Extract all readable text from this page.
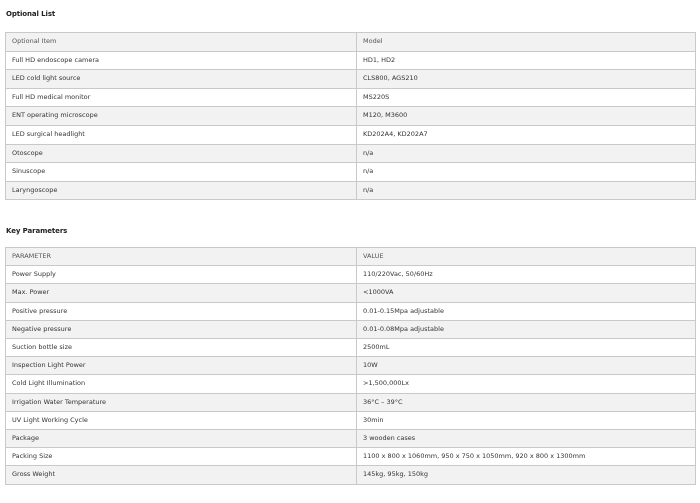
Optional List
Optional Item	Model
Full HD endoscope camera	HD1, HD2
LED cold light source	CLS800, AGS210
Full HD medical monitor	MS220S
ENT operating microscope	M120, M3600
LED surgical headlight	KD202A4, KD202A7
Otoscope	n/a
Sinuscope	n/a
Laryngoscope	n/a
Key Parameters
PARAMETER	VALUE
Power Supply	110/220Vac, 50/60Hz
Max. Power	<1000VA
Positive pressure	0.01-0.15Mpa adjustable
Negative pressure	0.01-0.08Mpa adjustable
Suction bottle size	2500mL
Inspection Light Power	10W
Cold Light Illumination	>1,500,000Lx
Irrigation Water Temperature	36°C – 39°C
UV Light Working Cycle	30min
Package	3 wooden cases
Packing Size	1100 x 800 x 1060mm, 950 x 750 x 1050mm, 920 x 800 x 1300mm
Gross Weight	145kg, 95kg, 150kg
